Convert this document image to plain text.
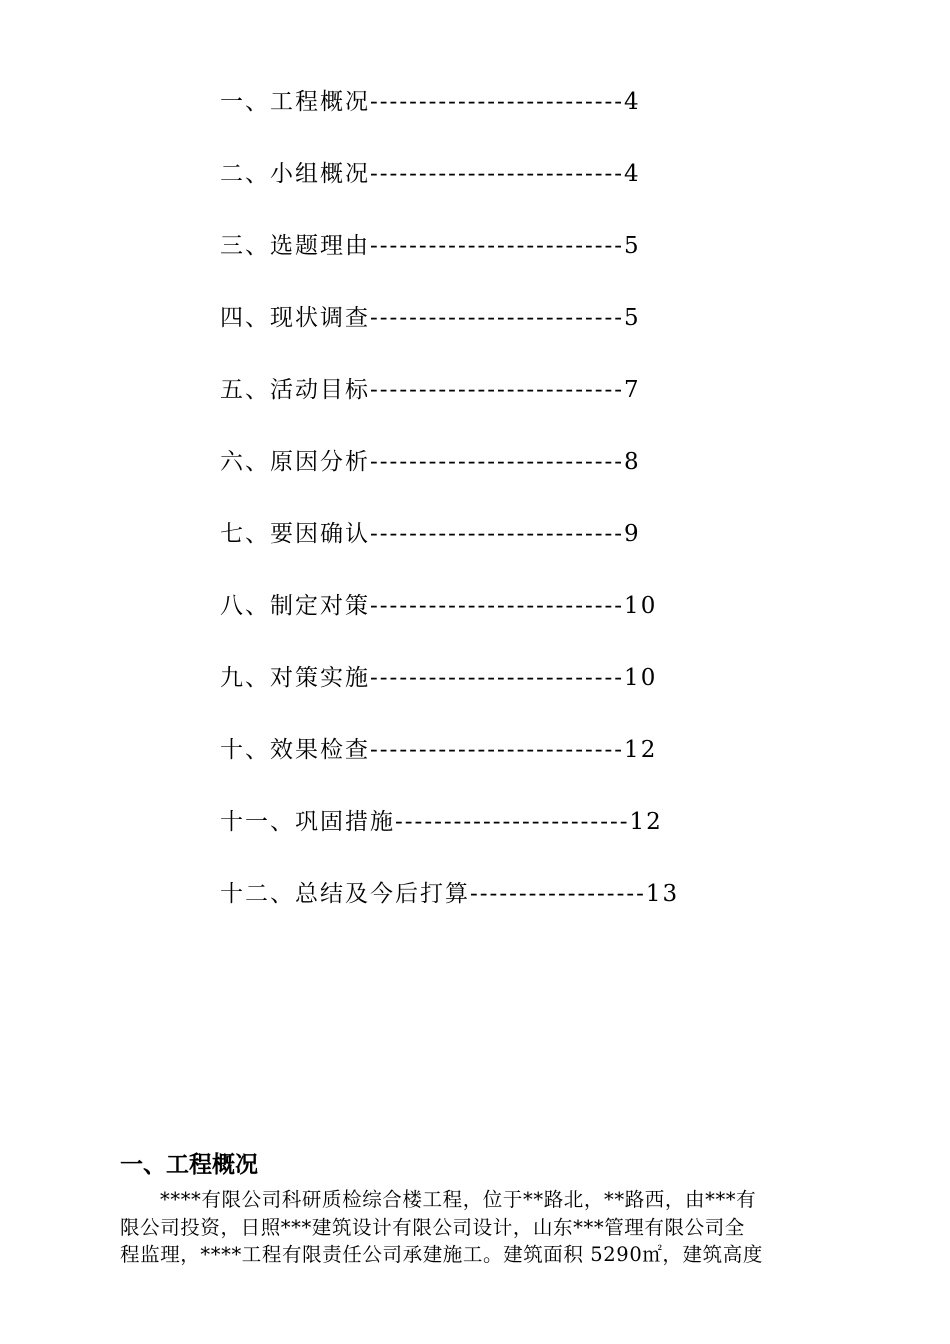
一、工程概况--------------------------4
二、小组概况--------------------------4
三、选题理由--------------------------5
四、现状调查--------------------------5
五、活动目标--------------------------7
六、原因分析--------------------------8
七、要因确认--------------------------9
八、制定对策--------------------------10
九、对策实施--------------------------10
十、效果检查--------------------------12
十一、巩固措施------------------------12
十二、总结及今后打算------------------13
一、工程概况
****有限公司科研质检综合楼工程，位于**路北，**路西，由***有
限公司投资，日照***建筑设计有限公司设计，山东***管理有限公司全
程监理，****工程有限责任公司承建施工。建筑面积 5290㎡，建筑高度
